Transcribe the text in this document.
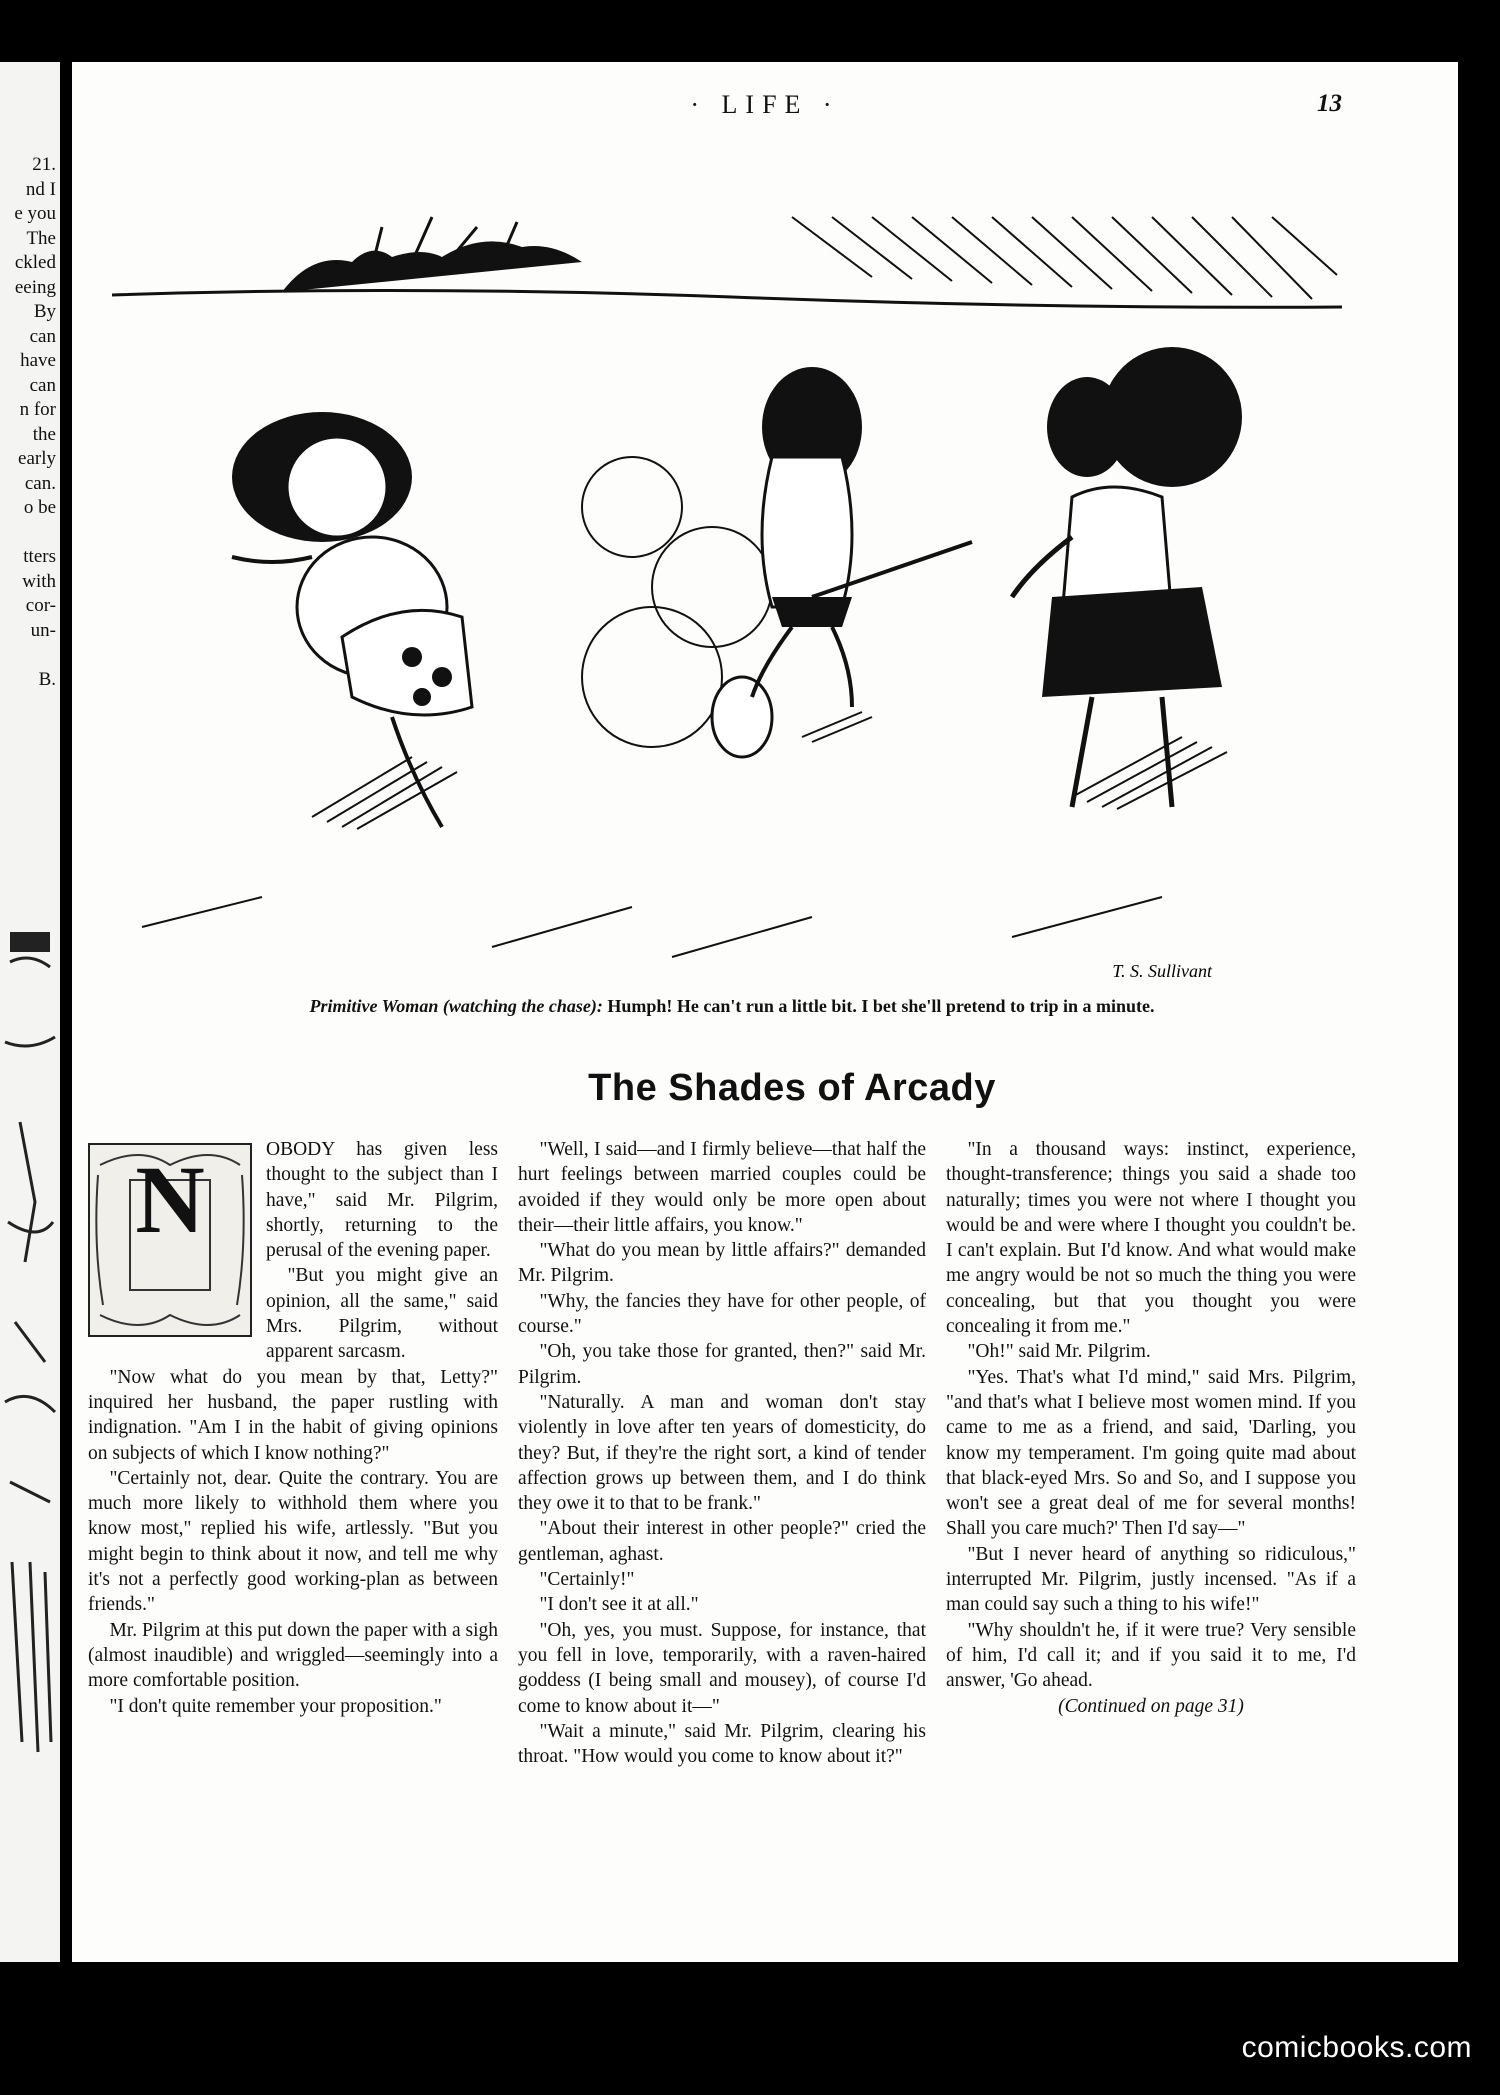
21.
nd I
e you
The
ckled
eeing
By
can
have
can
n for
the
early
can.
o be
tters
with
cor-
un-
B.
· LIFE ·	13
T. S. Sullivant
Primitive Woman (watching the chase): Humph! He can't run a little bit. I bet she'll pretend to trip in a minute.
The Shades of Arcady
N	OBODY has given less thought to the subject than I have," said Mr. Pilgrim, shortly, returning to the perusal of the evening paper.

"But you might give an opinion, all the same," said Mrs. Pilgrim, without apparent sarcasm.

"Now what do you mean by that, Letty?" inquired her husband, the paper rustling with indignation. "Am I in the habit of giving opinions on subjects of which I know nothing?"

"Certainly not, dear. Quite the contrary. You are much more likely to withhold them where you know most," replied his wife, artlessly. "But you might begin to think about it now, and tell me why it's not a perfectly good working-plan as between friends."

Mr. Pilgrim at this put down the paper with a sigh (almost inaudible) and wriggled—seemingly into a more comfortable position.

"I don't quite remember your proposition."

"Well, I said—and I firmly believe—that half the hurt feelings between married couples could be avoided if they would only be more open about their—their little affairs, you know."

"What do you mean by little affairs?" demanded Mr. Pilgrim.

"Why, the fancies they have for other people, of course."

"Oh, you take those for granted, then?" said Mr. Pilgrim.

"Naturally. A man and woman don't stay violently in love after ten years of domesticity, do they? But, if they're the right sort, a kind of tender affection grows up between them, and I do think they owe it to that to be frank."

"About their interest in other people?" cried the gentleman, aghast.

"Certainly!"

"I don't see it at all."

"Oh, yes, you must. Suppose, for instance, that you fell in love, temporarily, with a raven-haired goddess (I being small and mousey), of course I'd come to know about it—"

"Wait a minute," said Mr. Pilgrim, clearing his throat. "How would you come to know about it?"

"In a thousand ways: instinct, experience, thought-transference; things you said a shade too naturally; times you were not where I thought you would be and were where I thought you couldn't be. I can't explain. But I'd know. And what would make me angry would be not so much the thing you were concealing, but that you thought you were concealing it from me."

"Oh!" said Mr. Pilgrim.

"Yes. That's what I'd mind," said Mrs. Pilgrim, "and that's what I believe most women mind. If you came to me as a friend, and said, 'Darling, you know my temperament. I'm going quite mad about that black-eyed Mrs. So and So, and I suppose you won't see a great deal of me for several months! Shall you care much?' Then I'd say—"

"But I never heard of anything so ridiculous," interrupted Mr. Pilgrim, justly incensed. "As if a man could say such a thing to his wife!"

"Why shouldn't he, if it were true? Very sensible of him, I'd call it; and if you said it to me, I'd answer, 'Go ahead.

(Continued on page 31)

comicbooks.com
